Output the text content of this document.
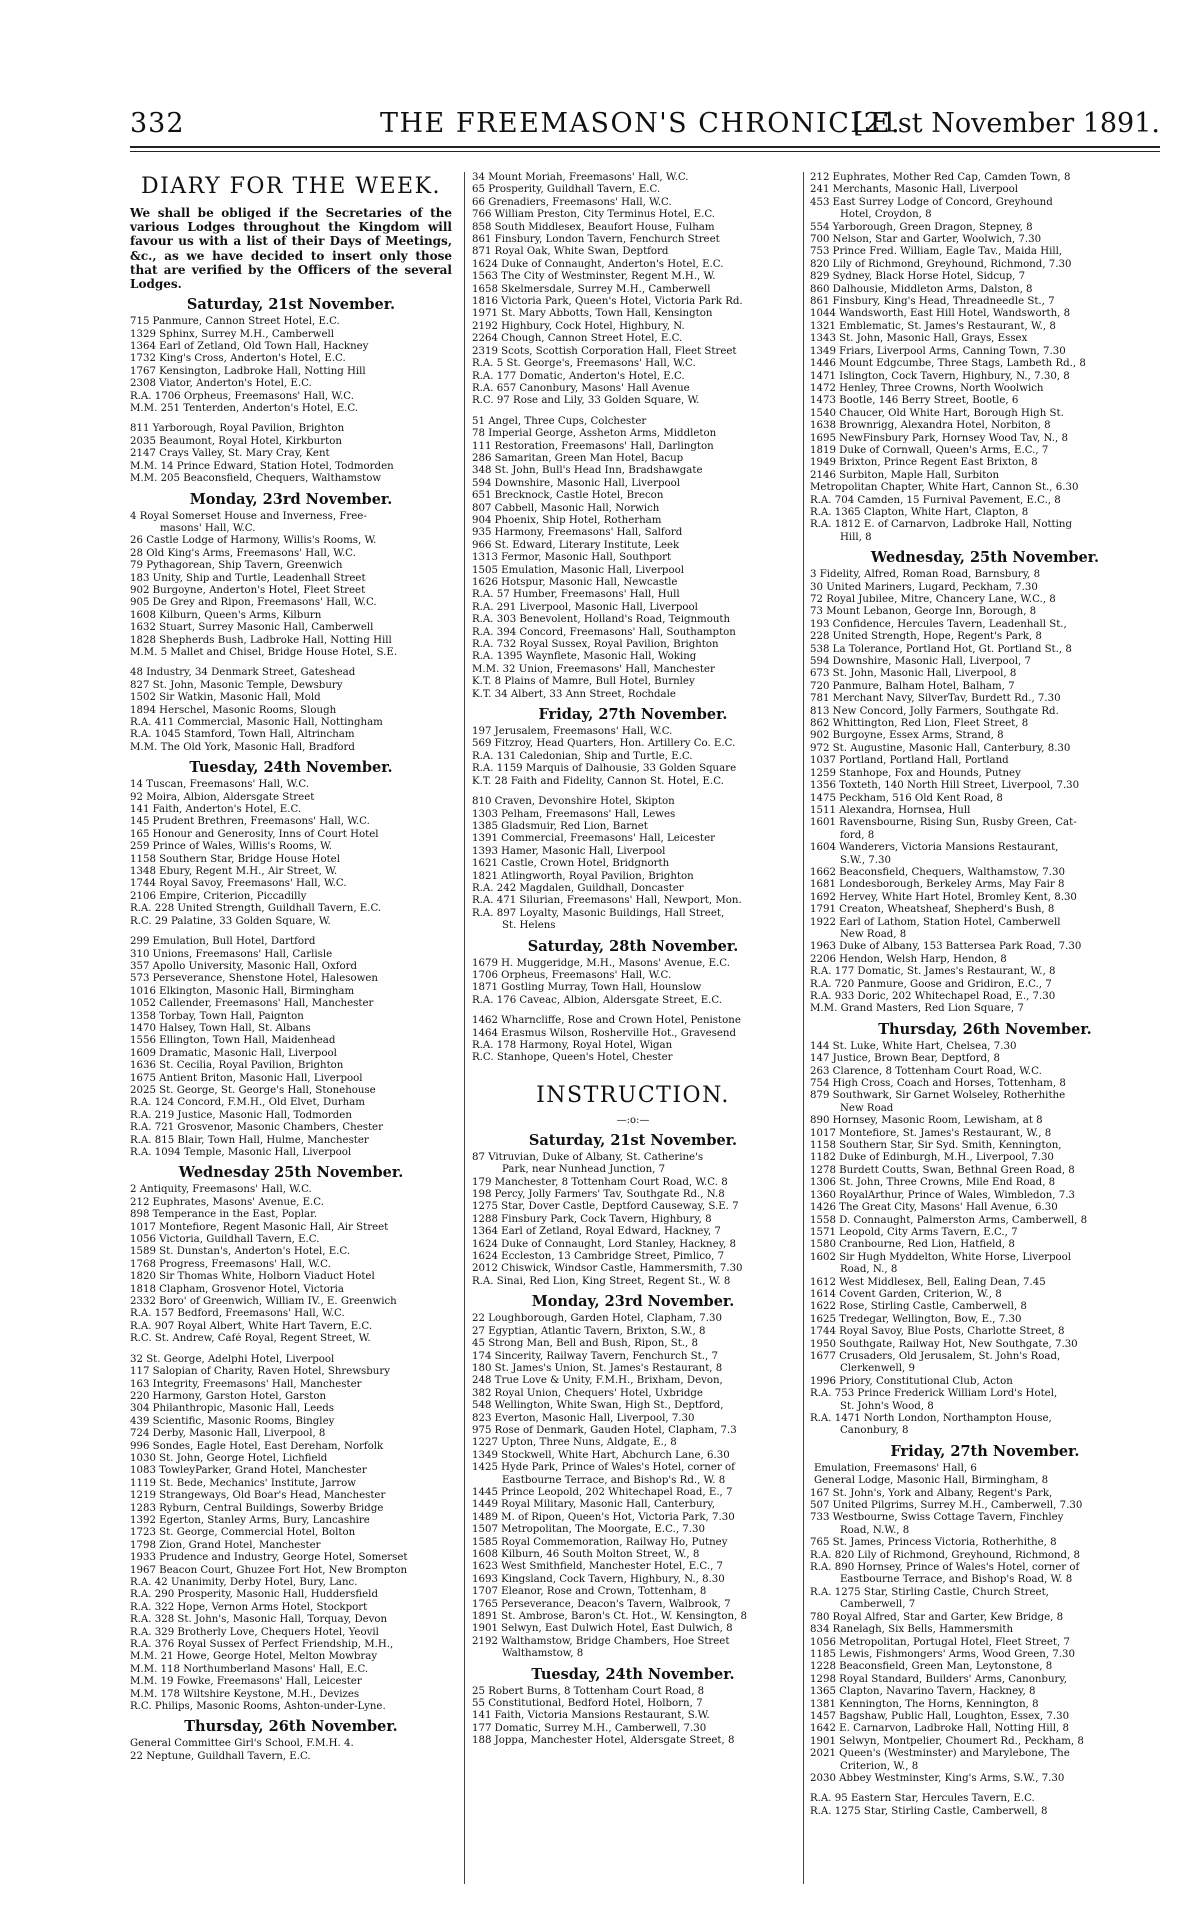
332	THE FREEMASON'S CHRONICLE.
[21st November 1891.
DIARY FOR THE WEEK.
We shall be obliged if the Secretaries of the various Lodges throughout the Kingdom will favour us with a list of their Days of Meetings, &c., as we have decided to insert only those that are verified by the Officers of the several Lodges.
Saturday, 21st November.
715 Panmure, Cannon Street Hotel, E.C.
1329 Sphinx, Surrey M.H., Camberwell
1364 Earl of Zetland, Old Town Hall, Hackney
1732 King's Cross, Anderton's Hotel, E.C.
1767 Kensington, Ladbroke Hall, Notting Hill
2308 Viator, Anderton's Hotel, E.C.
R.A. 1706 Orpheus, Freemasons' Hall, W.C.
M.M. 251 Tenterden, Anderton's Hotel, E.C.
811 Yarborough, Royal Pavilion, Brighton
2035 Beaumont, Royal Hotel, Kirkburton
2147 Crays Valley, St. Mary Cray, Kent
M.M. 14 Prince Edward, Station Hotel, Todmorden
M.M. 205 Beaconsfield, Chequers, Walthamstow
Monday, 23rd November.
4 Royal Somerset House and Inverness, Free-
masons' Hall, W.C.
26 Castle Lodge of Harmony, Willis's Rooms, W.
28 Old King's Arms, Freemasons' Hall, W.C.
79 Pythagorean, Ship Tavern, Greenwich
183 Unity, Ship and Turtle, Leadenhall Street
902 Burgoyne, Anderton's Hotel, Fleet Street
905 De Grey and Ripon, Freemasons' Hall, W.C.
1608 Kilburn, Queen's Arms, Kilburn
1632 Stuart, Surrey Masonic Hall, Camberwell
1828 Shepherds Bush, Ladbroke Hall, Notting Hill
M.M. 5 Mallet and Chisel, Bridge House Hotel, S.E.
48 Industry, 34 Denmark Street, Gateshead
827 St. John, Masonic Temple, Dewsbury
1502 Sir Watkin, Masonic Hall, Mold
1894 Herschel, Masonic Rooms, Slough
R.A. 411 Commercial, Masonic Hall, Nottingham
R.A. 1045 Stamford, Town Hall, Altrincham
M.M. The Old York, Masonic Hall, Bradford
Tuesday, 24th November.
14 Tuscan, Freemasons' Hall, W.C.
92 Moira, Albion, Aldersgate Street
141 Faith, Anderton's Hotel, E.C.
145 Prudent Brethren, Freemasons' Hall, W.C.
165 Honour and Generosity, Inns of Court Hotel
259 Prince of Wales, Willis's Rooms, W.
1158 Southern Star, Bridge House Hotel
1348 Ebury, Regent M.H., Air Street, W.
1744 Royal Savoy, Freemasons' Hall, W.C.
2106 Empire, Criterion, Piccadilly
R.A. 228 United Strength, Guildhall Tavern, E.C.
R.C. 29 Palatine, 33 Golden Square, W.
299 Emulation, Bull Hotel, Dartford
310 Unions, Freemasons' Hall, Carlisle
357 Apollo University, Masonic Hall, Oxford
573 Perseverance, Shenstone Hotel, Halesowen
1016 Elkington, Masonic Hall, Birmingham
1052 Callender, Freemasons' Hall, Manchester
1358 Torbay, Town Hall, Paignton
1470 Halsey, Town Hall, St. Albans
1556 Ellington, Town Hall, Maidenhead
1609 Dramatic, Masonic Hall, Liverpool
1636 St. Cecilia, Royal Pavilion, Brighton
1675 Antient Briton, Masonic Hall, Liverpool
2025 St. George, St. George's Hall, Stonehouse
R.A. 124 Concord, F.M.H., Old Elvet, Durham
R.A. 219 Justice, Masonic Hall, Todmorden
R.A. 721 Grosvenor, Masonic Chambers, Chester
R.A. 815 Blair, Town Hall, Hulme, Manchester
R.A. 1094 Temple, Masonic Hall, Liverpool
Wednesday 25th November.
2 Antiquity, Freemasons' Hall, W.C.
212 Euphrates, Masons' Avenue, E.C.
898 Temperance in the East, Poplar.
1017 Montefiore, Regent Masonic Hall, Air Street
1056 Victoria, Guildhall Tavern, E.C.
1589 St. Dunstan's, Anderton's Hotel, E.C.
1768 Progress, Freemasons' Hall, W.C.
1820 Sir Thomas White, Holborn Viaduct Hotel
1818 Clapham, Grosvenor Hotel, Victoria
2332 Boro' of Greenwich, William IV., E. Greenwich
R.A. 157 Bedford, Freemasons' Hall, W.C.
R.A. 907 Royal Albert, White Hart Tavern, E.C.
R.C. St. Andrew, Café Royal, Regent Street, W.
32 St. George, Adelphi Hotel, Liverpool
117 Salopian of Charity, Raven Hotel, Shrewsbury
163 Integrity, Freemasons' Hall, Manchester
220 Harmony, Garston Hotel, Garston
304 Philanthropic, Masonic Hall, Leeds
439 Scientific, Masonic Rooms, Bingley
724 Derby, Masonic Hall, Liverpool, 8
996 Sondes, Eagle Hotel, East Dereham, Norfolk
1030 St. John, George Hotel, Lichfield
1083 TowleyParker, Grand Hotel, Manchester
1119 St. Bede, Mechanics' Institute, Jarrow
1219 Strangeways, Old Boar's Head, Manchester
1283 Ryburn, Central Buildings, Sowerby Bridge
1392 Egerton, Stanley Arms, Bury, Lancashire
1723 St. George, Commercial Hotel, Bolton
1798 Zion, Grand Hotel, Manchester
1933 Prudence and Industry, George Hotel, Somerset
1967 Beacon Court, Ghuzee Fort Hot, New Brompton
R.A. 42 Unanimity, Derby Hotel, Bury, Lanc.
R.A. 290 Prosperity, Masonic Hall, Huddersfield
R.A. 322 Hope, Vernon Arms Hotel, Stockport
R.A. 328 St. John's, Masonic Hall, Torquay, Devon
R.A. 329 Brotherly Love, Chequers Hotel, Yeovil
R.A. 376 Royal Sussex of Perfect Friendship, M.H.,
M.M. 21 Howe, George Hotel, Melton Mowbray
M.M. 118 Northumberland Masons' Hall, E.C.
M.M. 19 Fowke, Freemasons' Hall, Leicester
M.M. 178 Wiltshire Keystone, M.H., Devizes
R.C. Philips, Masonic Rooms, Ashton-under-Lyne.
Thursday, 26th November.
General Committee Girl's School, F.M.H. 4.
22 Neptune, Guildhall Tavern, E.C.
34 Mount Moriah, Freemasons' Hall, W.C.
65 Prosperity, Guildhall Tavern, E.C.
66 Grenadiers, Freemasons' Hall, W.C.
766 William Preston, City Terminus Hotel, E.C.
858 South Middlesex, Beaufort House, Fulham
861 Finsbury, London Tavern, Fenchurch Street
871 Royal Oak, White Swan, Deptford
1624 Duke of Connaught, Anderton's Hotel, E.C.
1563 The City of Westminster, Regent M.H., W.
1658 Skelmersdale, Surrey M.H., Camberwell
1816 Victoria Park, Queen's Hotel, Victoria Park Rd.
1971 St. Mary Abbotts, Town Hall, Kensington
2192 Highbury, Cock Hotel, Highbury, N.
2264 Chough, Cannon Street Hotel, E.C.
2319 Scots, Scottish Corporation Hall, Fleet Street
R.A. 5 St. George's, Freemasons' Hall, W.C.
R.A. 177 Domatic, Anderton's Hotel, E.C.
R.A. 657 Canonbury, Masons' Hall Avenue
R.C. 97 Rose and Lily, 33 Golden Square, W.
51 Angel, Three Cups, Colchester
78 Imperial George, Assheton Arms, Middleton
111 Restoration, Freemasons' Hall, Darlington
286 Samaritan, Green Man Hotel, Bacup
348 St. John, Bull's Head Inn, Bradshawgate
594 Downshire, Masonic Hall, Liverpool
651 Brecknock, Castle Hotel, Brecon
807 Cabbell, Masonic Hall, Norwich
904 Phoenix, Ship Hotel, Rotherham
935 Harmony, Freemasons' Hall, Salford
966 St. Edward, Literary Institute, Leek
1313 Fermor, Masonic Hall, Southport
1505 Emulation, Masonic Hall, Liverpool
1626 Hotspur, Masonic Hall, Newcastle
R.A. 57 Humber, Freemasons' Hall, Hull
R.A. 291 Liverpool, Masonic Hall, Liverpool
R.A. 303 Benevolent, Holland's Road, Teignmouth
R.A. 394 Concord, Freemasons' Hall, Southampton
R.A. 732 Royal Sussex, Royal Pavilion, Brighton
R.A. 1395 Waynflete, Masonic Hall, Woking
M.M. 32 Union, Freemasons' Hall, Manchester
K.T. 8 Plains of Mamre, Bull Hotel, Burnley
K.T. 34 Albert, 33 Ann Street, Rochdale
Friday, 27th November.
197 Jerusalem, Freemasons' Hall, W.C.
569 Fitzroy, Head Quarters, Hon. Artillery Co. E.C.
R.A. 131 Caledonian, Ship and Turtle, E.C.
R.A. 1159 Marquis of Dalhousie, 33 Golden Square
K.T. 28 Faith and Fidelity, Cannon St. Hotel, E.C.
810 Craven, Devonshire Hotel, Skipton
1303 Pelham, Freemasons' Hall, Lewes
1385 Gladsmuir, Red Lion, Barnet
1391 Commercial, Freemasons' Hall, Leicester
1393 Hamer, Masonic Hall, Liverpool
1621 Castle, Crown Hotel, Bridgnorth
1821 Atlingworth, Royal Pavilion, Brighton
R.A. 242 Magdalen, Guildhall, Doncaster
R.A. 471 Silurian, Freemasons' Hall, Newport, Mon.
R.A. 897 Loyalty, Masonic Buildings, Hall Street,
St. Helens
Saturday, 28th November.
1679 H. Muggeridge, M.H., Masons' Avenue, E.C.
1706 Orpheus, Freemasons' Hall, W.C.
1871 Gostling Murray, Town Hall, Hounslow
R.A. 176 Caveac, Albion, Aldersgate Street, E.C.
1462 Wharncliffe, Rose and Crown Hotel, Penistone
1464 Erasmus Wilson, Rosherville Hot., Gravesend
R.A. 178 Harmony, Royal Hotel, Wigan
R.C. Stanhope, Queen's Hotel, Chester
INSTRUCTION.
—:o:—
Saturday, 21st November.
87 Vitruvian, Duke of Albany, St. Catherine's
Park, near Nunhead Junction, 7
179 Manchester, 8 Tottenham Court Road, W.C. 8
198 Percy, Jolly Farmers' Tav, Southgate Rd., N.8
1275 Star, Dover Castle, Deptford Causeway, S.E. 7
1288 Finsbury Park, Cock Tavern, Highbury, 8
1364 Earl of Zetland, Royal Edward, Hackney, 7
1624 Duke of Connaught, Lord Stanley, Hackney, 8
1624 Eccleston, 13 Cambridge Street, Pimlico, 7
2012 Chiswick, Windsor Castle, Hammersmith, 7.30
R.A. Sinai, Red Lion, King Street, Regent St., W. 8
Monday, 23rd November.
22 Loughborough, Garden Hotel, Clapham, 7.30
27 Egyptian, Atlantic Tavern, Brixton, S.W., 8
45 Strong Man, Bell and Bush, Ripon, St., 8
174 Sincerity, Railway Tavern, Fenchurch St., 7
180 St. James's Union, St. James's Restaurant, 8
248 True Love & Unity, F.M.H., Brixham, Devon,
382 Royal Union, Chequers' Hotel, Uxbridge
548 Wellington, White Swan, High St., Deptford,
823 Everton, Masonic Hall, Liverpool, 7.30
975 Rose of Denmark, Gauden Hotel, Clapham, 7.3
1227 Upton, Three Nuns, Aldgate, E., 8
1349 Stockwell, White Hart, Abchurch Lane, 6.30
1425 Hyde Park, Prince of Wales's Hotel, corner of
Eastbourne Terrace, and Bishop's Rd., W. 8
1445 Prince Leopold, 202 Whitechapel Road, E., 7
1449 Royal Military, Masonic Hall, Canterbury,
1489 M. of Ripon, Queen's Hot, Victoria Park, 7.30
1507 Metropolitan, The Moorgate, E.C., 7.30
1585 Royal Commemoration, Railway Ho, Putney
1608 Kilburn, 46 South Molton Street, W., 8
1623 West Smithfield, Manchester Hotel, E.C., 7
1693 Kingsland, Cock Tavern, Highbury, N., 8.30
1707 Eleanor, Rose and Crown, Tottenham, 8
1765 Perseverance, Deacon's Tavern, Walbrook, 7
1891 St. Ambrose, Baron's Ct. Hot., W. Kensington, 8
1901 Selwyn, East Dulwich Hotel, East Dulwich, 8
2192 Walthamstow, Bridge Chambers, Hoe Street
Walthamstow, 8
Tuesday, 24th November.
25 Robert Burns, 8 Tottenham Court Road, 8
55 Constitutional, Bedford Hotel, Holborn, 7
141 Faith, Victoria Mansions Restaurant, S.W.
177 Domatic, Surrey M.H., Camberwell, 7.30
188 Joppa, Manchester Hotel, Aldersgate Street, 8
212 Euphrates, Mother Red Cap, Camden Town, 8
241 Merchants, Masonic Hall, Liverpool
453 East Surrey Lodge of Concord, Greyhound
Hotel, Croydon, 8
554 Yarborough, Green Dragon, Stepney, 8
700 Nelson, Star and Garter, Woolwich, 7.30
753 Prince Fred. William, Eagle Tav., Maida Hill,
820 Lily of Richmond, Greyhound, Richmond, 7.30
829 Sydney, Black Horse Hotel, Sidcup, 7
860 Dalhousie, Middleton Arms, Dalston, 8
861 Finsbury, King's Head, Threadneedle St., 7
1044 Wandsworth, East Hill Hotel, Wandsworth, 8
1321 Emblematic, St. James's Restaurant, W., 8
1343 St. John, Masonic Hall, Grays, Essex
1349 Friars, Liverpool Arms, Canning Town, 7.30
1446 Mount Edgcumbe, Three Stags, Lambeth Rd., 8
1471 Islington, Cock Tavern, Highbury, N., 7.30, 8
1472 Henley, Three Crowns, North Woolwich
1473 Bootle, 146 Berry Street, Bootle, 6
1540 Chaucer, Old White Hart, Borough High St.
1638 Brownrigg, Alexandra Hotel, Norbiton, 8
1695 NewFinsbury Park, Hornsey Wood Tav, N., 8
1819 Duke of Cornwall, Queen's Arms, E.C., 7
1949 Brixton, Prince Regent East Brixton, 8
2146 Surbiton, Maple Hall, Surbiton
Metropolitan Chapter, White Hart, Cannon St., 6.30
R.A. 704 Camden, 15 Furnival Pavement, E.C., 8
R.A. 1365 Clapton, White Hart, Clapton, 8
R.A. 1812 E. of Carnarvon, Ladbroke Hall, Notting
Hill, 8
Wednesday, 25th November.
3 Fidelity, Alfred, Roman Road, Barnsbury, 8
30 United Mariners, Lugard, Peckham, 7.30
72 Royal Jubilee, Mitre, Chancery Lane, W.C., 8
73 Mount Lebanon, George Inn, Borough, 8
193 Confidence, Hercules Tavern, Leadenhall St.,
228 United Strength, Hope, Regent's Park, 8
538 La Tolerance, Portland Hot, Gt. Portland St., 8
594 Downshire, Masonic Hall, Liverpool, 7
673 St. John, Masonic Hall, Liverpool, 8
720 Panmure, Balham Hotel, Balham, 7
781 Merchant Navy, SilverTav, Burdett Rd., 7.30
813 New Concord, Jolly Farmers, Southgate Rd.
862 Whittington, Red Lion, Fleet Street, 8
902 Burgoyne, Essex Arms, Strand, 8
972 St. Augustine, Masonic Hall, Canterbury, 8.30
1037 Portland, Portland Hall, Portland
1259 Stanhope, Fox and Hounds, Putney
1356 Toxteth, 140 North Hill Street, Liverpool, 7.30
1475 Peckham, 516 Old Kent Road, 8
1511 Alexandra, Hornsea, Hull
1601 Ravensbourne, Rising Sun, Rusby Green, Cat-
ford, 8
1604 Wanderers, Victoria Mansions Restaurant,
S.W., 7.30
1662 Beaconsfield, Chequers, Walthamstow, 7.30
1681 Londesborough, Berkeley Arms, May Fair 8
1692 Hervey, White Hart Hotel, Bromley Kent, 8.30
1791 Creaton, Wheatsheaf, Shepherd's Bush, 8
1922 Earl of Lathom, Station Hotel, Camberwell
New Road, 8
1963 Duke of Albany, 153 Battersea Park Road, 7.30
2206 Hendon, Welsh Harp, Hendon, 8
R.A. 177 Domatic, St. James's Restaurant, W., 8
R.A. 720 Panmure, Goose and Gridiron, E.C., 7
R.A. 933 Doric, 202 Whitechapel Road, E., 7.30
M.M. Grand Masters, Red Lion Square, 7
Thursday, 26th November.
144 St. Luke, White Hart, Chelsea, 7.30
147 Justice, Brown Bear, Deptford, 8
263 Clarence, 8 Tottenham Court Road, W.C.
754 High Cross, Coach and Horses, Tottenham, 8
879 Southwark, Sir Garnet Wolseley, Rotherhithe
New Road
890 Hornsey, Masonic Room, Lewisham, at 8
1017 Montefiore, St. James's Restaurant, W., 8
1158 Southern Star, Sir Syd. Smith, Kennington,
1182 Duke of Edinburgh, M.H., Liverpool, 7.30
1278 Burdett Coutts, Swan, Bethnal Green Road, 8
1306 St. John, Three Crowns, Mile End Road, 8
1360 RoyalArthur, Prince of Wales, Wimbledon, 7.3
1426 The Great City, Masons' Hall Avenue, 6.30
1558 D. Connaught, Palmerston Arms, Camberwell, 8
1571 Leopold, City Arms Tavern, E.C., 7
1580 Cranbourne, Red Lion, Hatfield, 8
1602 Sir Hugh Myddelton, White Horse, Liverpool
Road, N., 8
1612 West Middlesex, Bell, Ealing Dean, 7.45
1614 Covent Garden, Criterion, W., 8
1622 Rose, Stirling Castle, Camberwell, 8
1625 Tredegar, Wellington, Bow, E., 7.30
1744 Royal Savoy, Blue Posts, Charlotte Street, 8
1950 Southgate, Railway Hot, New Southgate, 7.30
1677 Crusaders, Old Jerusalem, St. John's Road,
Clerkenwell, 9
1996 Priory, Constitutional Club, Acton
R.A. 753 Prince Frederick William Lord's Hotel,
St. John's Wood, 8
R.A. 1471 North London, Northampton House,
Canonbury, 8
Friday, 27th November.
Emulation, Freemasons' Hall, 6
General Lodge, Masonic Hall, Birmingham, 8
167 St. John's, York and Albany, Regent's Park,
507 United Pilgrims, Surrey M.H., Camberwell, 7.30
733 Westbourne, Swiss Cottage Tavern, Finchley
Road, N.W., 8
765 St. James, Princess Victoria, Rotherhithe, 8
R.A. 820 Lily of Richmond, Greyhound, Richmond, 8
R.A. 890 Hornsey, Prince of Wales's Hotel, corner of
Eastbourne Terrace, and Bishop's Road, W. 8
R.A. 1275 Star, Stirling Castle, Church Street,
Camberwell, 7
780 Royal Alfred, Star and Garter, Kew Bridge, 8
834 Ranelagh, Six Bells, Hammersmith
1056 Metropolitan, Portugal Hotel, Fleet Street, 7
1185 Lewis, Fishmongers' Arms, Wood Green, 7.30
1228 Beaconsfield, Green Man, Leytonstone, 8
1298 Royal Standard, Builders' Arms, Canonbury,
1365 Clapton, Navarino Tavern, Hackney, 8
1381 Kennington, The Horns, Kennington, 8
1457 Bagshaw, Public Hall, Loughton, Essex, 7.30
1642 E. Carnarvon, Ladbroke Hall, Notting Hill, 8
1901 Selwyn, Montpelier, Choumert Rd., Peckham, 8
2021 Queen's (Westminster) and Marylebone, The
Criterion, W., 8
2030 Abbey Westminster, King's Arms, S.W., 7.30
R.A. 95 Eastern Star, Hercules Tavern, E.C.
R.A. 1275 Star, Stirling Castle, Camberwell, 8
